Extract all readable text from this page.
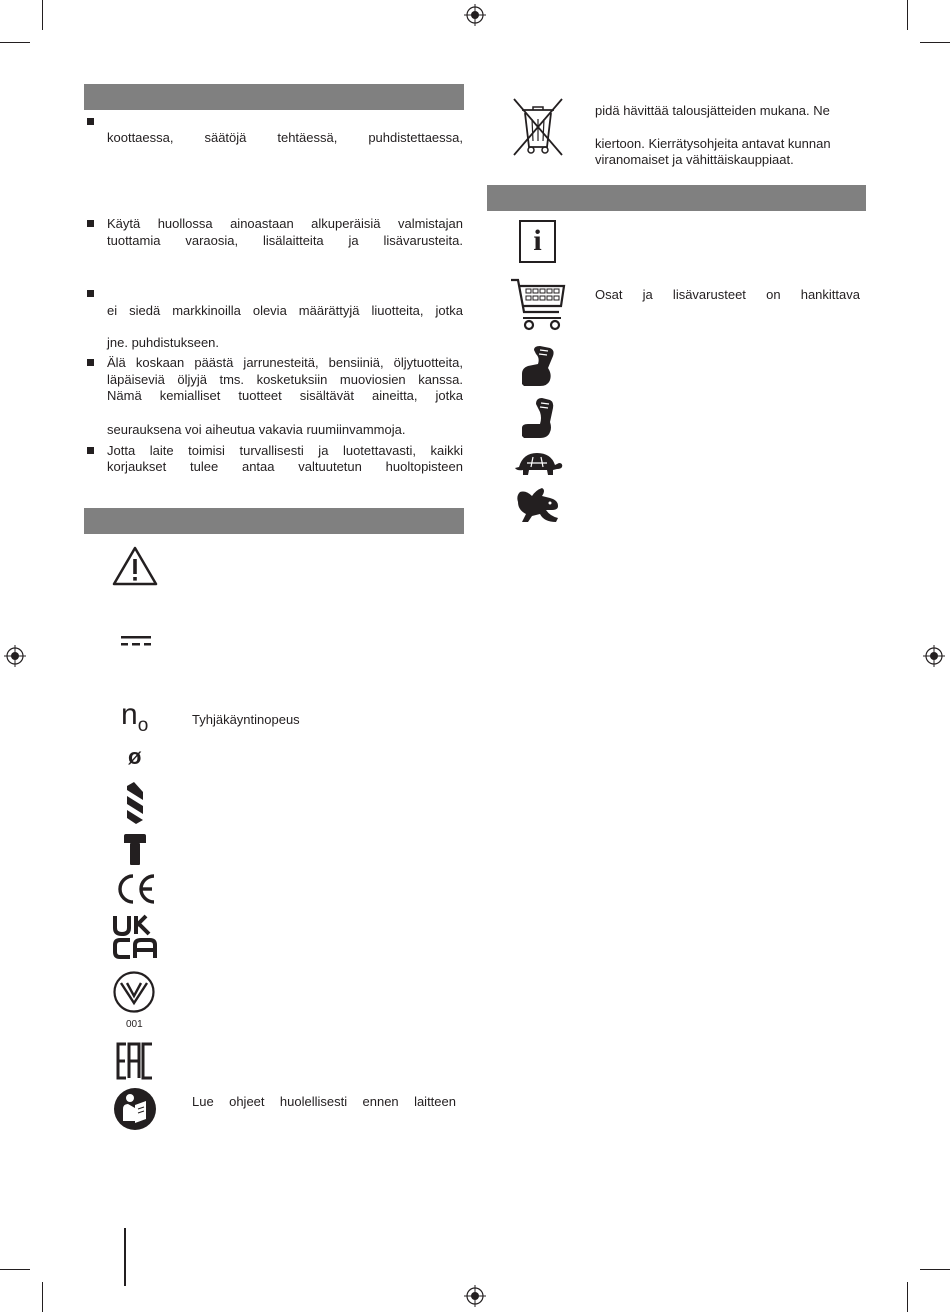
koottaessa, säätöjä tehtäessä, puhdistettaessa,
Käytä huollossa ainoastaan alkuperäisiä valmistajan
tuottamia varaosia, lisälaitteita ja lisävarusteita.
ei siedä markkinoilla olevia määrättyjä liuotteita, jotka
jne. puhdistukseen.
Älä koskaan päästä jarrunesteitä, bensiiniä, öljytuotteita,
läpäiseviä öljyjä tms. kosketuksiin muoviosien kanssa.
Nämä kemialliset tuotteet sisältävät aineitta, jotka
seurauksena voi aiheutua vakavia ruumiinvammoja.
Jotta laite toimisi turvallisesti ja luotettavasti, kaikki
korjaukset tulee antaa valtuutetun huoltopisteen
$n_o$	Tyhjäkäyntinopeus
ø
001
Lue ohjeet huolellisesti ennen laitteen
pidä hävittää talousjätteiden mukana. Ne
kiertoon. Kierrätysohjeita antavat kunnan
viranomaiset ja vähittäiskauppiaat.
i
Osat ja lisävarusteet on hankittava
